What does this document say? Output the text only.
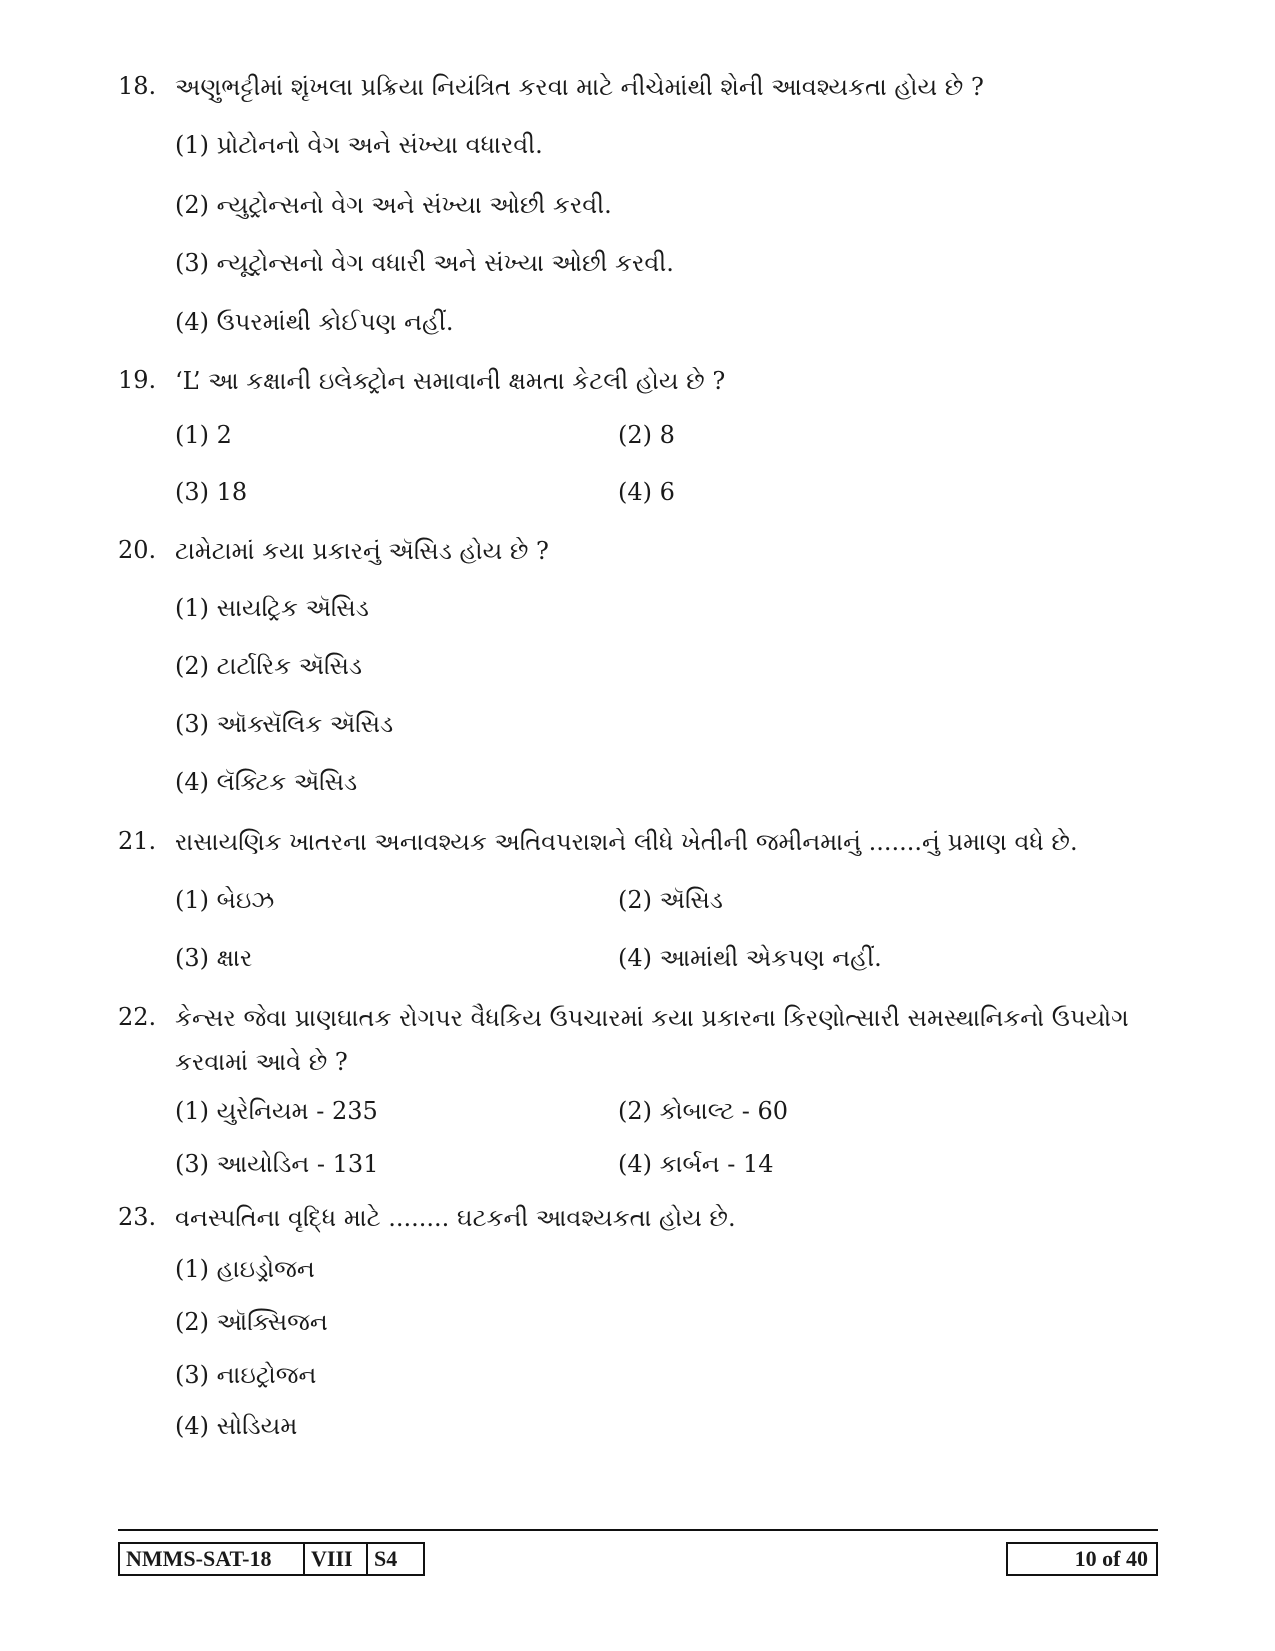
18. અણુભટ્ટીમાં શૃંખલા પ્રક્રિયા નિયંત્રિત કરવા માટે નીચેમાંથી શેની આવશ્યકતા હોય છે ?
(1) પ્રોટોનનો વેગ અને સંખ્યા વધારવી.
(2) ન્યુટ્રોન્સનો વેગ અને સંખ્યા ઓછી કરવી.
(3) ન્યૂટ્રોન્સનો વેગ વધારી અને સંખ્યા ઓછી કરવી.
(4) ઉપરમાંથી કોઈપણ નહીં.
19. ‘L’ આ કક્ષાની ઇલેક્ટ્રોન સમાવાની ક્ષમતા કેટલી હોય છે ?
(1) 2	(2) 8
(3) 18	(4) 6
20. ટામેટામાં કયા પ્રકારનું ઍસિડ હોય છે ?
(1) સાયટ્રિક ઍસિડ
(2) ટાર્ટારિક ઍસિડ
(3) ઑક્સૅલિક ઍસિડ
(4) લૅક્ટિક ઍસિડ
21. રાસાયણિક ખાતરના અનાવશ્યક અતિવપરાશને લીધે ખેતીની જમીનમાનું .......નું પ્રમાણ વધે છે.
(1) બેઇઝ	(2) ઍસિડ
(3) ક્ષાર	(4) આમાંથી એકપણ નહીં.
22. કેન્સર જેવા પ્રાણઘાતક રોગપર વૈધકિય ઉપચારમાં કયા પ્રકારના કિરણોત્સારી સમસ્થાનિકનો ઉપયોગ કરવામાં આવે છે ?
(1) યુરેનિયમ - 235	(2) કોબાલ્ટ - 60
(3) આયોડિન - 131	(4) કાર્બન - 14
23. વનસ્પતિના વૃદ્ધિ માટે ........ ઘટકની આવશ્યકતા હોય છે.
(1) હાઇડ્રોજન
(2) ઑક્સિજન
(3) નાઇટ્રોજન
(4) સોડિયમ
NMMS-SAT-18	VIII S4	10 of 40
